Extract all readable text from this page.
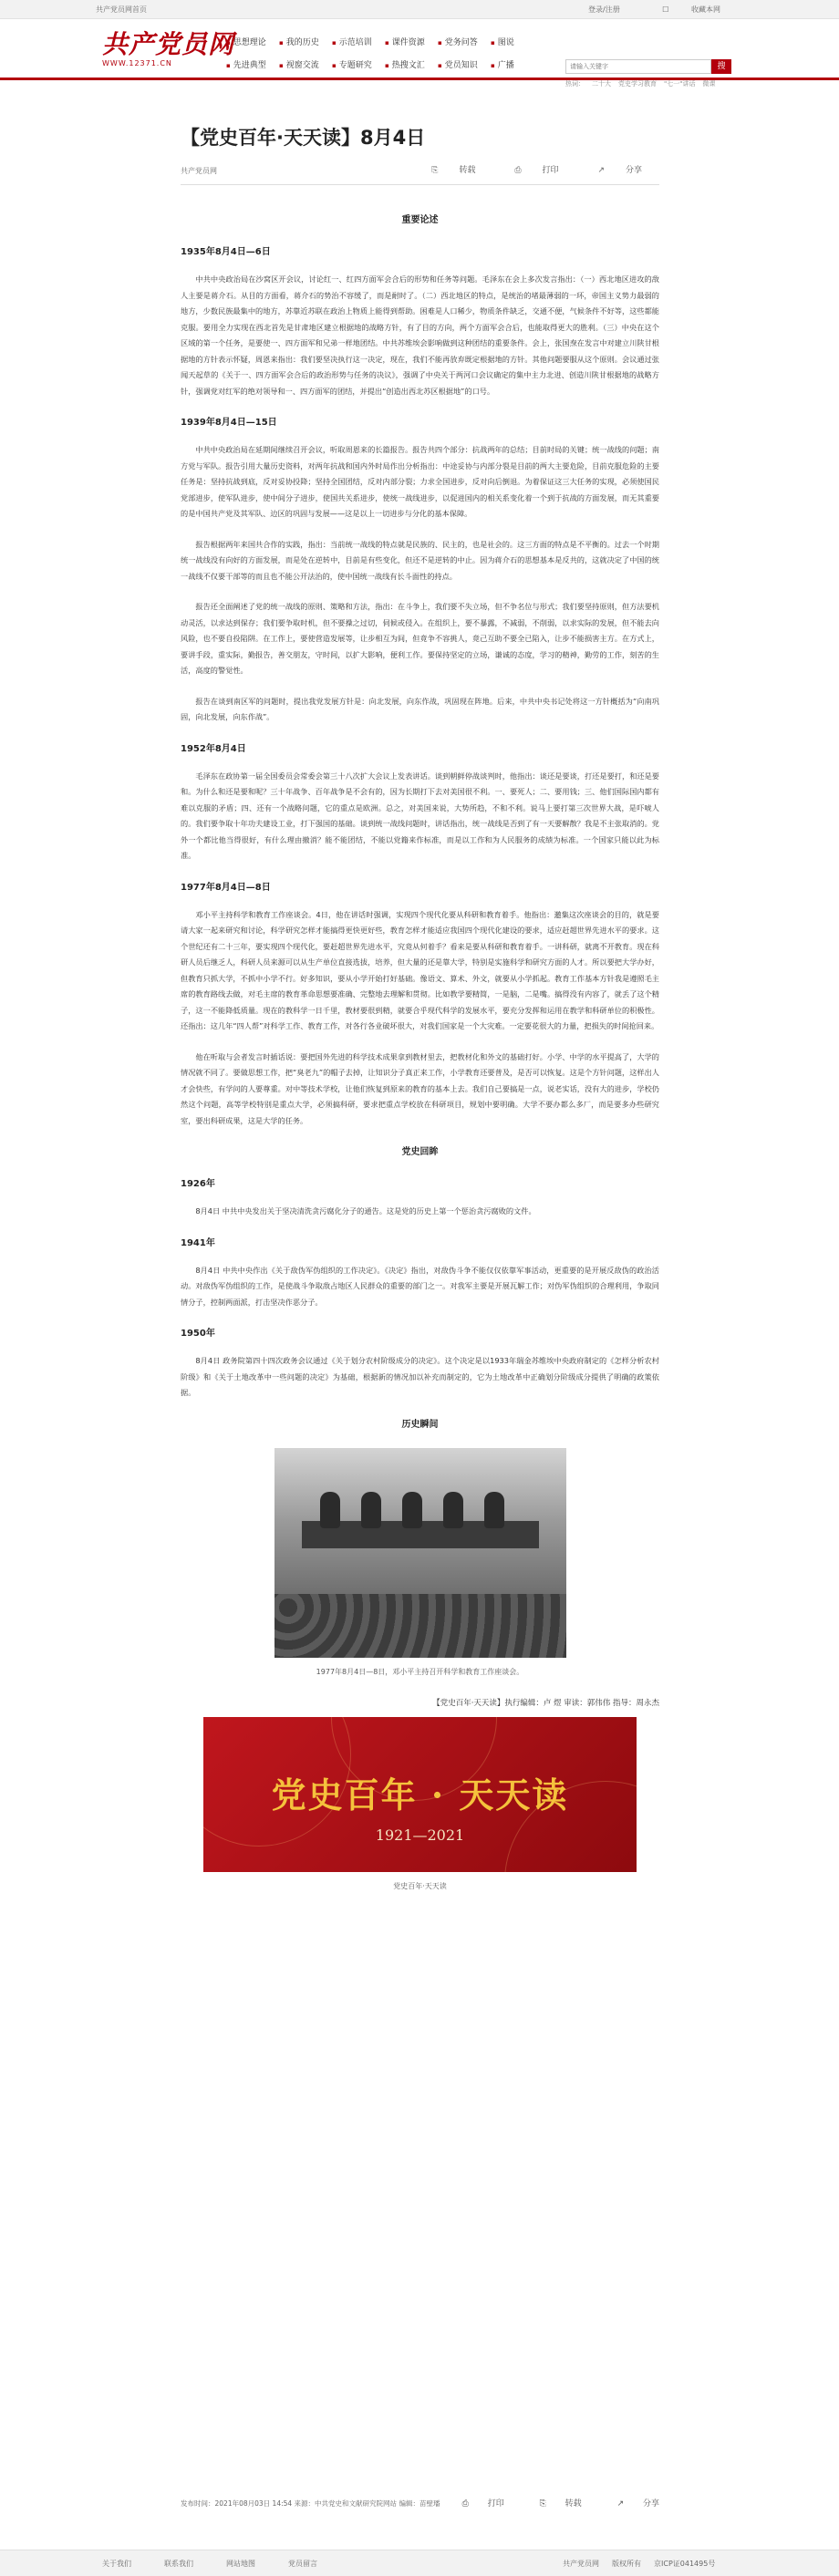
共产党员网首页	登录/注册	☐	收藏本网
共产党员网
WWW.12371.CN
▪ 思想理论	▪ 我的历史	▪ 示范培训	▪ 课件资源	▪ 党务问答	▪ 图说
▪ 先进典型	▪ 视窗交流	▪ 专题研究	▪ 热搜文汇	▪ 党员知识	▪ 广播
请输入关键字	搜
热词： 二十大 党史学习教育 "七一"讲话 微课
【党史百年·天天读】8月4日
共产党员网	⎘	转载	⎙	打印	↗	分享
重要论述
1935年8月4日—6日

中共中央政治局在沙窝区开会议，讨论红一、红四方面军会合后的形势和任务等问题。毛泽东在会上多次发言指出：（一）西北地区进攻的敌人主要是蒋介石。从目的方面看，蒋介石的势治不容缓了，而是耐时了。（二）西北地区的特点，是统治的堵最薄弱的一环，帝国主义势力最弱的地方，少数民族最集中的地方，苏靠近苏联在政治上物质上能得到帮助。困难是人口稀少，物质条件缺乏，交通不便，气候条件不好等，这些都能克服。要用全力实现在西北首先是甘肃地区建立根据地的战略方针，有了目的方向，两个方面军会合后，也能取得更大的胜利。（三）中央在这个区域的第一个任务，是要使一、四方面军和兄弟一样地团结。中共苏维埃会影响做到这种团结的重要条件。会上，张国焘在发言中对建立川陕甘根据地的方针表示怀疑，周恩来指出：我们要坚决执行这一决定，现在，我们不能再放弃既定根据地的方针。其他问题要服从这个原则。会议通过张闻天起草的《关于一、四方面军会合后的政治形势与任务的决议》，强调了中央关于两河口会议确定的集中主力北进、创造川陕甘根据地的战略方针，强调党对红军的绝对领导和一、四方面军的团结，并提出“创造出西北苏区根据地”的口号。

1939年8月4日—15日

中共中央政治局在延期间继续召开会议，听取周恩来的长篇报告。报告共四个部分：抗战两年的总结；目前时局的关键；统一战线的问题；南方党与军队。报告引用大量历史资料，对两年抗战和国内外时局作出分析指出：中途妥协与内部分裂是目前的两大主要危险，目前克服危险的主要任务是：坚持抗战到底，反对妥协投降；坚持全国团结，反对内部分裂；力求全国进步，反对向后倒退。为着保证这三大任务的实现，必须使国民党部进步，使军队进步，使中间分子进步，使国共关系进步，使统一战线进步，以促进国内的相关系变化着一个到于抗战的方面发展，而无其重要的是中国共产党及其军队、边区的巩固与发展——这是以上一切进步与分化的基本保障。

报告根据两年来国共合作的实践，指出：当前统一战线的特点就是民族的、民主的，也是社会的。这三方面的特点是不平衡的。过去一个时期统一战线没有向好的方面发展，而是处在逆转中，目前是有些变化，但还不是逆转的中止。因为蒋介石的思想基本是反共的，这就决定了中国的统一战线不仅要干部等的而且也不能公开法治的，使中国统一战线有长斗面性的持点。

报告还全面阐述了党的统一战线的原则、策略和方法，指出：在斗争上，我们要不失立场，但不争名位与形式；我们要坚持原则，但方法要机动灵活，以求达到保存；我们要争取时机，但不要操之过切，伺候或侵入。在组织上，要不暴露，不减弱，不削弱，以求实际的发展，但不能去向风险，也不要自投陷阱。在工作上，要使营造发展等，让步相互为间，但竟争不容挑人，竟己互助不要全已陷入，让步不能损害主方。在方式上，要讲手段，重实际，勤报告，善交朋友，守时间，以扩大影响，便利工作。要保持坚定的立场，谦诚的态度，学习的精神，勤劳的工作，刻苦的生活，高度的警觉性。

报告在谈到南区军的问题时，提出我党发展方针是：向北发展，向东作战，巩固现在阵地。后来，中共中央书记处将这一方针概括为“向南巩固，向北发展，向东作战”。

1952年8月4日

毛泽东在政协第一届全国委员会常委会第三十八次扩大会议上发表讲话。谈到朝鲜停战谈判时，他指出：谈还是要谈，打还是要打，和还是要和。为什么和还是要和呢？三十年战争、百年战争是不会有的，因为长期打下去对美国很不利。一、要死人；二、要用钱；三、他们国际国内都有难以克服的矛盾；四、还有一个战略问题，它的重点是欧洲。总之，对美国来说，大势所趋，不和不利。说马上要打第三次世界大战，是吓唬人的。我们要争取十年功夫建设工业，打下强国的基础。谈到统一战线问题时，讲话指出，统一战线是否到了有一天要解散？我是不主张取消的。党外一个都比他当得很好，有什么理由撤消？能不能团结，不能以党籍来作标准，而是以工作和为人民服务的成绩为标准。一个国家只能以此为标准。

1977年8月4日—8日

邓小平主持科学和教育工作座谈会。4日，他在讲话时强调，实现四个现代化要从科研和教育着手。他指出：邀集这次座谈会的目的，就是要请大家一起来研究和讨论，科学研究怎样才能搞得更快更好些，教育怎样才能适应我国四个现代化建设的要求，适应赶超世界先进水平的要求。这个世纪还有二十三年，要实现四个现代化，要赶超世界先进水平，究竟从何着手？看来是要从科研和教育着手。一讲科研，就离不开教育。现在科研人员后继乏人，科研人员来源可以从生产单位直接选拔，培养，但大量的还是靠大学，特别是实施科学和研究方面的人才。所以要把大学办好，但教育只抓大学，不抓中小学不行。好多知识，要从小学开始打好基础。像语文、算术、外文，就要从小学抓起。教育工作基本方针我是遵照毛主席的教育路线去做，对毛主席的教育革命思想要准确、完整地去理解和贯彻。比如教学要精简，一是脑，二是嘴。搞得没有内容了，就丢了这个精子，这一不能降低质量。现在的教科学一日千里，教材要很到精，就要合乎现代科学的发展水平，要充分发挥和运用在教学和科研单位的积极性。还指出：这几年“四人帮”对科学工作、教育工作，对各行各业破坏很大，对我们国家是一个大灾难。一定要花很大的力量，把损失的时间抢回来。

他在听取与会者发言时插话说：要把国外先进的科学技术成果拿到教材里去，把教材化和外文的基础打好。小学、中学的水平提高了，大学的情况就不同了。要做思想工作，把“臭老九”的帽子去掉，让知识分子真正来工作，小学教育还要普及，是否可以恢复。这是个方针问题，这样出人才会快些，有学问的人要尊重。对中等技术学校，让他们恢复到原来的教育的基本上去。我们自己要搞是一点，说老实话，没有大的进步，学校仍然这个问题，高等学校特别是重点大学，必须搞科研，要求把重点学校放在科研项目，规划中要明确。大学不要办都么多厂，而是要多办些研究室，要出科研成果，这是大学的任务。

党史回眸
1926年

8月4日 中共中央发出关于坚决清洗贪污腐化分子的通告。这是党的历史上第一个惩治贪污腐败的文件。

1941年

8月4日 中共中央作出《关于敌伪军伪组织的工作决定》。《决定》指出，对敌伪斗争不能仅仅依靠军事活动，更重要的是开展反敌伪的政治活动。对敌伪军伪组织的工作，是使战斗争取敌占地区人民群众的重要的部门之一。对我军主要是开展瓦解工作；对伪军伪组织的合理利用，争取同情分子，控制两面派，打击坚决作恶分子。

1950年

8月4日 政务院第四十四次政务会议通过《关于划分农村阶级成分的决定》。这个决定是以1933年瑞金苏维埃中央政府制定的《怎样分析农村阶级》和《关于土地改革中一些问题的决定》为基础，根据新的情况加以补充而制定的，它为土地改革中正确划分阶级成分提供了明确的政策依据。

历史瞬间
1977年8月4日—8日，邓小平主持召开科学和教育工作座谈会。
【党史百年·天天读】执行编辑：卢 煜 审读：郭伟伟 指导：周永杰
党史百年 · 天天读
1921—2021
党史百年·天天读
发布时间：2021年08月03日 14:54 来源：中共党史和文献研究院网站 编辑：苗壁璠	⎙ 打印	⎘ 转载	↗ 分享
关于我们	联系我们	网站地图	党员留言	共产党员网 版权所有 京ICP证041495号
